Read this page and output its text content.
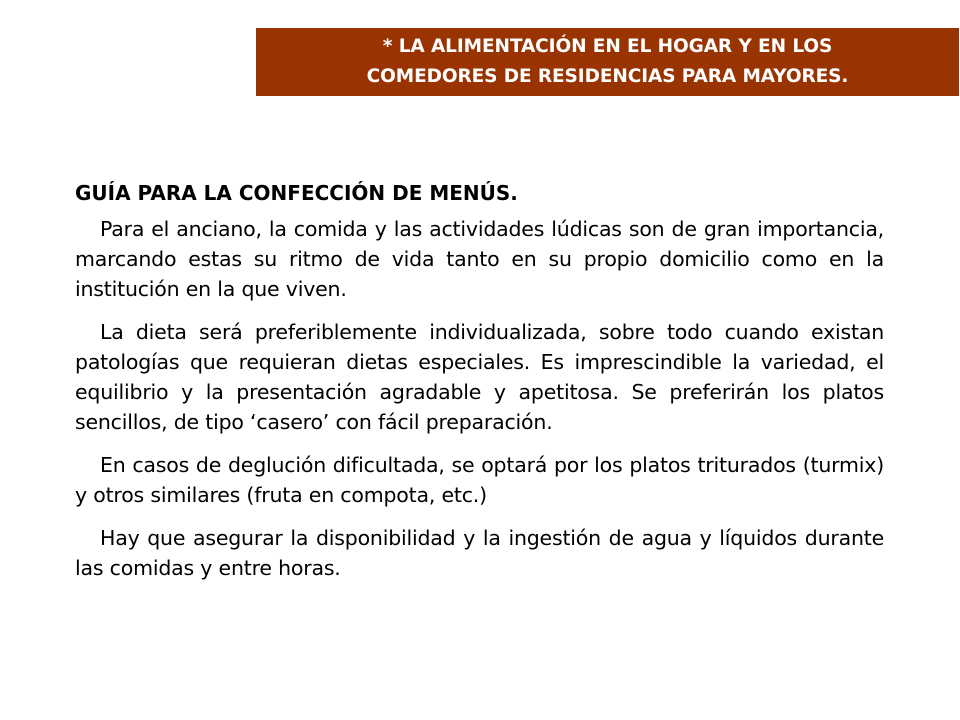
* LA ALIMENTACIÓN EN EL HOGAR Y EN LOS
COMEDORES DE RESIDENCIAS PARA MAYORES.
GUÍA PARA LA CONFECCIÓN DE MENÚS.

Para el anciano, la comida y las actividades lúdicas son de gran importancia, marcando estas su ritmo de vida tanto en su propio domicilio como en la institución en la que viven.

La dieta será preferiblemente individualizada, sobre todo cuando existan patologías que requieran dietas especiales. Es imprescindible la variedad, el equilibrio y la presentación agradable y apetitosa. Se preferirán los platos sencillos, de tipo ‘casero’ con fácil preparación.

En casos de deglución dificultada, se optará por los platos triturados (turmix) y otros similares (fruta en compota, etc.)

Hay que asegurar la disponibilidad y la ingestión de agua y líquidos durante las comidas y entre horas.
